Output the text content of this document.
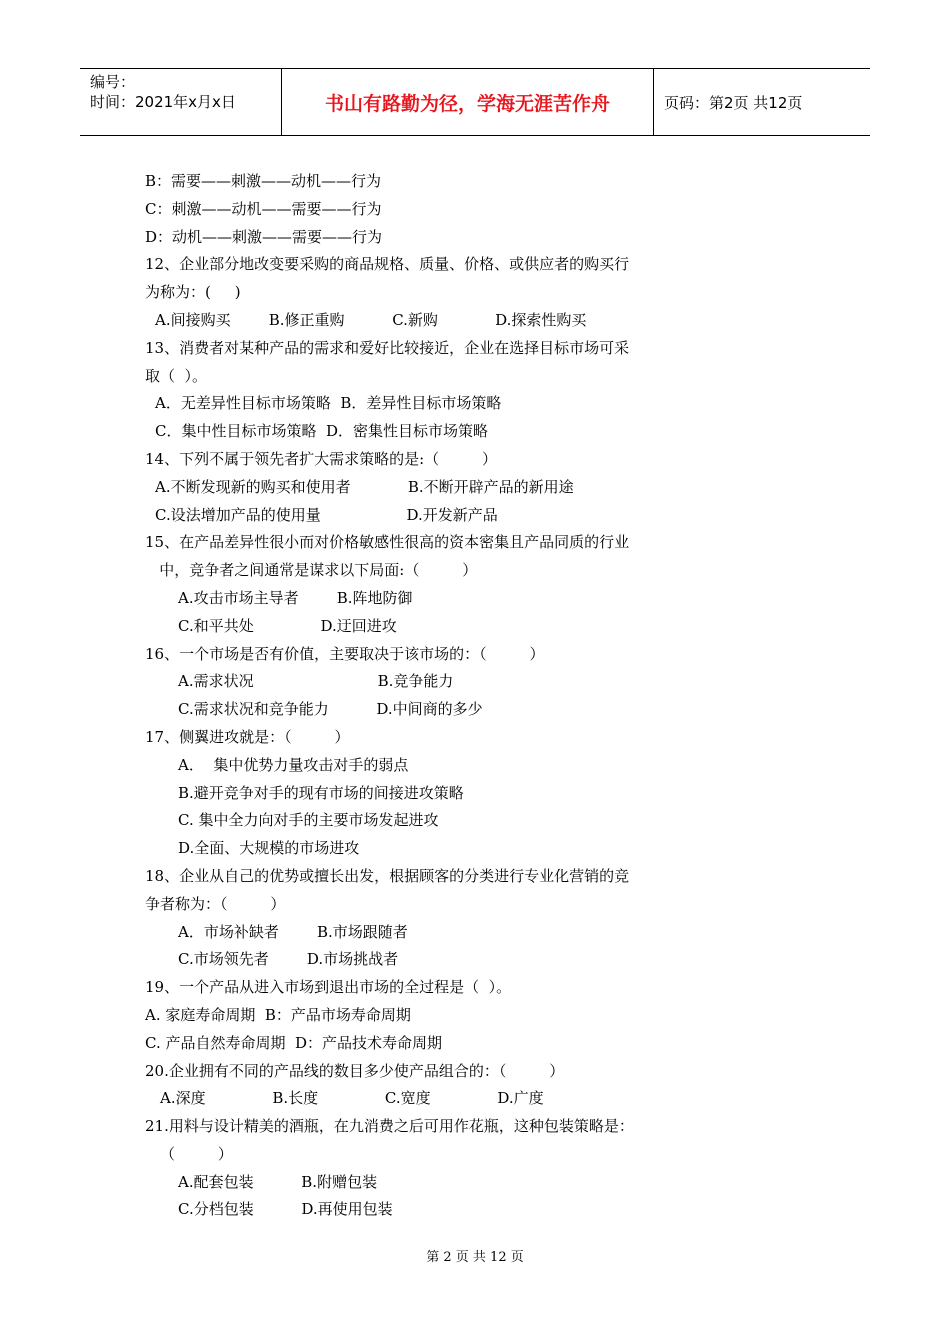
编号：
时间：2021年x月x日	书山有路勤为径，学海无涯苦作舟	页码：第2页 共12页
B：需要——刺激——动机——行为
C：刺激——动机——需要——行为
D：动机——刺激——需要——行为
12、企业部分地改变要采购的商品规格、质量、价格、或供应者的购买行
为称为：(     )
A.间接购买        B.修正重购          C.新购            D.探索性购买
13、消费者对某种产品的需求和爱好比较接近，企业在选择目标市场可采
取（  ）。
A．无差异性目标市场策略  B．差异性目标市场策略
C．集中性目标市场策略  D．密集性目标市场策略
14、下列不属于领先者扩大需求策略的是:（         ）
A.不断发现新的购买和使用者            B.不断开辟产品的新用途
C.设法增加产品的使用量                  D.开发新产品
15、在产品差异性很小而对价格敏感性很高的资本密集且产品同质的行业
中，竞争者之间通常是谋求以下局面:（         ）
A.攻击市场主导者        B.阵地防御
C.和平共处              D.迂回进攻
16、一个市场是否有价值，主要取决于该市场的：（         ）
A.需求状况                          B.竞争能力
C.需求状况和竞争能力          D.中间商的多少
17、侧翼进攻就是：（         ）
A．  集中优势力量攻击对手的弱点
B.避开竞争对手的现有市场的间接进攻策略
C. 集中全力向对手的主要市场发起进攻
D.全面、大规模的市场进攻
18、企业从自己的优势或擅长出发，根据顾客的分类进行专业化营销的竞
争者称为：（         ）
A．市场补缺者        B.市场跟随者
C.市场领先者        D.市场挑战者
19、一个产品从进入市场到退出市场的全过程是（  ）。
A. 家庭寿命周期  B：产品市场寿命周期
C. 产品自然寿命周期  D：产品技术寿命周期
20.企业拥有不同的产品线的数目多少使产品组合的：（         ）
A.深度              B.长度              C.宽度              D.广度
21.用料与设计精美的酒瓶，在九消费之后可用作花瓶，这种包装策略是：
（         ）
A.配套包装          B.附赠包装
C.分档包装          D.再使用包装
第 2 页 共 12 页
